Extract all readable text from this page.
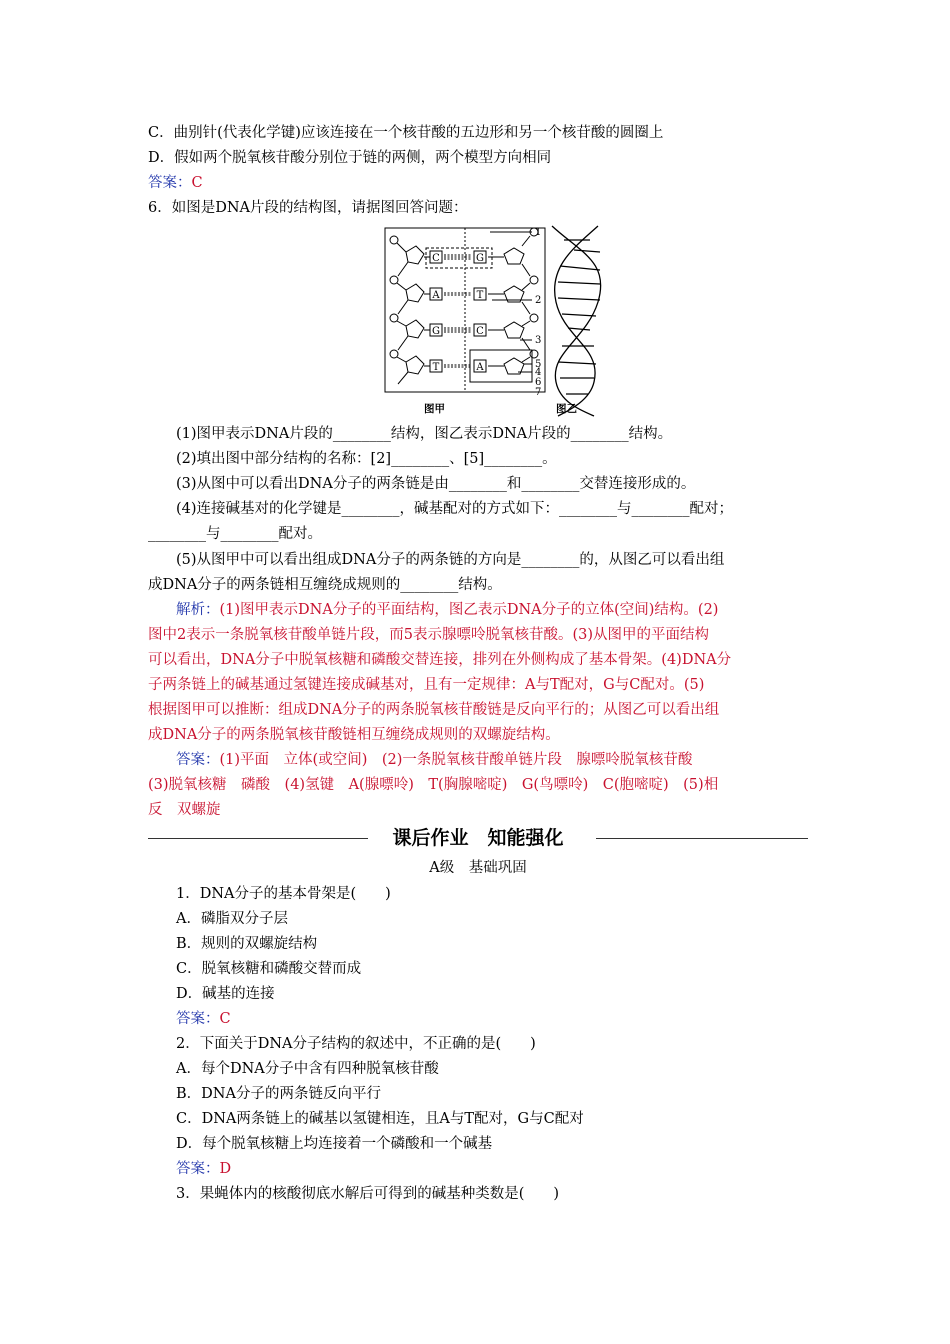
C．曲别针(代表化学键)应该连接在一个核苷酸的五边形和另一个核苷酸的圆圈上
D．假如两个脱氧核苷酸分别位于链的两侧，两个模型方向相同
答案：C
6．如图是DNA片段的结构图，请据图回答问题：
C
A
G
T
G
T
C
A
1
2
3
5
4
6
7
图甲	图乙
(1)图甲表示DNA片段的________结构，图乙表示DNA片段的________结构。
(2)填出图中部分结构的名称：[2]________、[5]________。
(3)从图中可以看出DNA分子的两条链是由________和________交替连接形成的。
(4)连接碱基对的化学键是________，碱基配对的方式如下：________与________配对；
________与________配对。
(5)从图甲中可以看出组成DNA分子的两条链的方向是________的，从图乙可以看出组
成DNA分子的两条链相互缠绕成规则的________结构。
解析：(1)图甲表示DNA分子的平面结构，图乙表示DNA分子的立体(空间)结构。(2)
图中2表示一条脱氧核苷酸单链片段，而5表示腺嘌呤脱氧核苷酸。(3)从图甲的平面结构
可以看出，DNA分子中脱氧核糖和磷酸交替连接，排列在外侧构成了基本骨架。(4)DNA分
子两条链上的碱基通过氢键连接成碱基对，且有一定规律：A与T配对，G与C配对。(5)
根据图甲可以推断：组成DNA分子的两条脱氧核苷酸链是反向平行的；从图乙可以看出组
成DNA分子的两条脱氧核苷酸链相互缠绕成规则的双螺旋结构。
答案：(1)平面　立体(或空间)　(2)一条脱氧核苷酸单链片段　腺嘌呤脱氧核苷酸
(3)脱氧核糖　磷酸　(4)氢键　A(腺嘌呤)　T(胸腺嘧啶)　G(鸟嘌呤)　C(胞嘧啶)　(5)相
反　双螺旋
课后作业　知能强化
A级　基础巩固
1．DNA分子的基本骨架是(　　)
A．磷脂双分子层
B．规则的双螺旋结构
C．脱氧核糖和磷酸交替而成
D．碱基的连接
答案：C
2．下面关于DNA分子结构的叙述中，不正确的是(　　)
A．每个DNA分子中含有四种脱氧核苷酸
B．DNA分子的两条链反向平行
C．DNA两条链上的碱基以氢键相连，且A与T配对，G与C配对
D．每个脱氧核糖上均连接着一个磷酸和一个碱基
答案：D
3．果蝇体内的核酸彻底水解后可得到的碱基种类数是(　　)
